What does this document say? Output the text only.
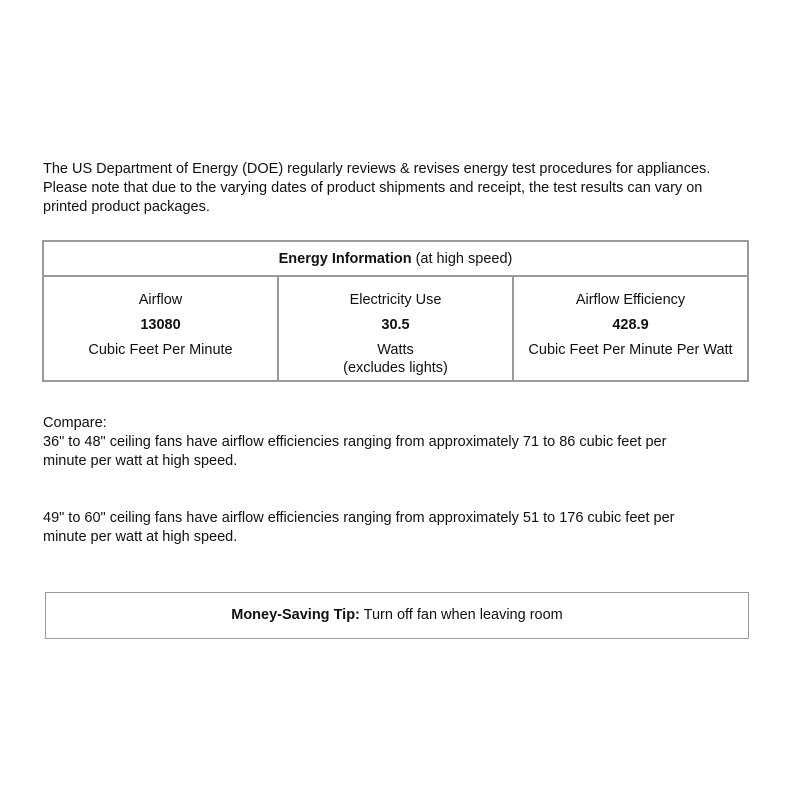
The US Department of Energy (DOE) regularly reviews & revises energy test procedures for appliances.
Please note that due to the varying dates of product shipments and receipt, the test results can vary on
printed product packages.

Energy Information (at high speed)
Airflow
13080
Cubic Feet Per Minute
Electricity Use
30.5
Watts
(excludes lights)
Airflow Efficiency
428.9
Cubic Feet Per Minute Per Watt

Compare:
36" to 48" ceiling fans have airflow efficiencies ranging from approximately 71 to 86 cubic feet per
minute per watt at high speed.

49" to 60" ceiling fans have airflow efficiencies ranging from approximately 51 to 176 cubic feet per
minute per watt at high speed.

Money-Saving Tip: Turn off fan when leaving room
